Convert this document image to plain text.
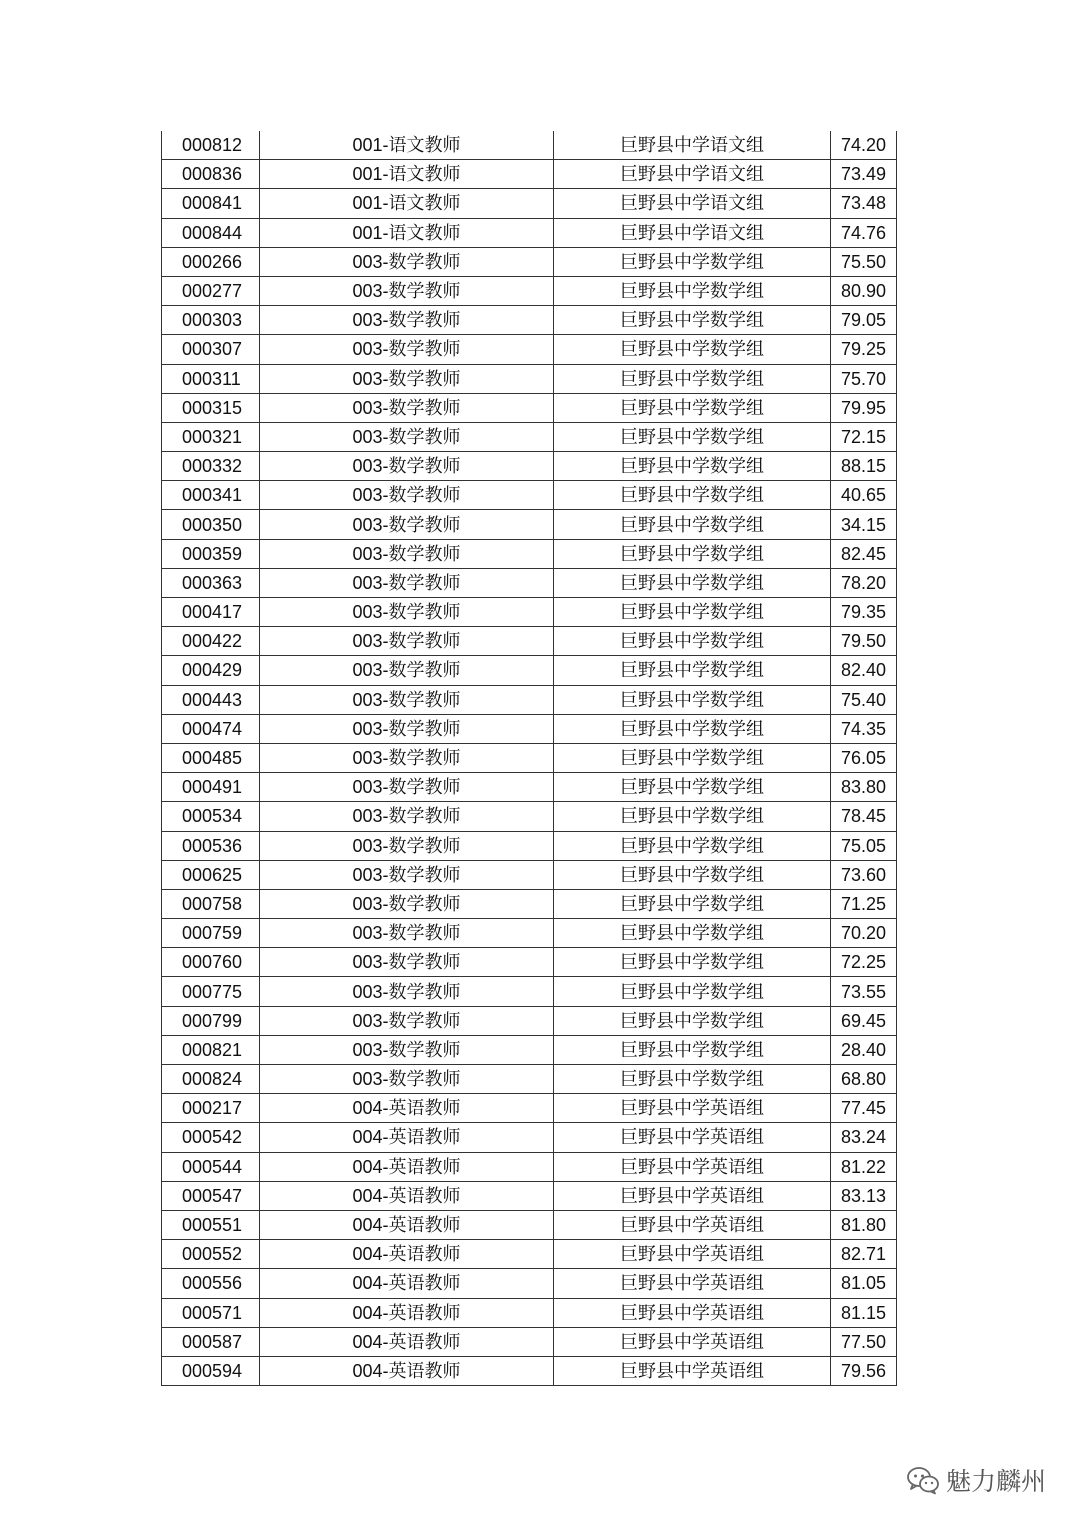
000812	001-语文教师	巨野县中学语文组	74.20
000836	001-语文教师	巨野县中学语文组	73.49
000841	001-语文教师	巨野县中学语文组	73.48
000844	001-语文教师	巨野县中学语文组	74.76
000266	003-数学教师	巨野县中学数学组	75.50
000277	003-数学教师	巨野县中学数学组	80.90
000303	003-数学教师	巨野县中学数学组	79.05
000307	003-数学教师	巨野县中学数学组	79.25
000311	003-数学教师	巨野县中学数学组	75.70
000315	003-数学教师	巨野县中学数学组	79.95
000321	003-数学教师	巨野县中学数学组	72.15
000332	003-数学教师	巨野县中学数学组	88.15
000341	003-数学教师	巨野县中学数学组	40.65
000350	003-数学教师	巨野县中学数学组	34.15
000359	003-数学教师	巨野县中学数学组	82.45
000363	003-数学教师	巨野县中学数学组	78.20
000417	003-数学教师	巨野县中学数学组	79.35
000422	003-数学教师	巨野县中学数学组	79.50
000429	003-数学教师	巨野县中学数学组	82.40
000443	003-数学教师	巨野县中学数学组	75.40
000474	003-数学教师	巨野县中学数学组	74.35
000485	003-数学教师	巨野县中学数学组	76.05
000491	003-数学教师	巨野县中学数学组	83.80
000534	003-数学教师	巨野县中学数学组	78.45
000536	003-数学教师	巨野县中学数学组	75.05
000625	003-数学教师	巨野县中学数学组	73.60
000758	003-数学教师	巨野县中学数学组	71.25
000759	003-数学教师	巨野县中学数学组	70.20
000760	003-数学教师	巨野县中学数学组	72.25
000775	003-数学教师	巨野县中学数学组	73.55
000799	003-数学教师	巨野县中学数学组	69.45
000821	003-数学教师	巨野县中学数学组	28.40
000824	003-数学教师	巨野县中学数学组	68.80
000217	004-英语教师	巨野县中学英语组	77.45
000542	004-英语教师	巨野县中学英语组	83.24
000544	004-英语教师	巨野县中学英语组	81.22
000547	004-英语教师	巨野县中学英语组	83.13
000551	004-英语教师	巨野县中学英语组	81.80
000552	004-英语教师	巨野县中学英语组	82.71
000556	004-英语教师	巨野县中学英语组	81.05
000571	004-英语教师	巨野县中学英语组	81.15
000587	004-英语教师	巨野县中学英语组	77.50
000594	004-英语教师	巨野县中学英语组	79.56
魅力麟州
